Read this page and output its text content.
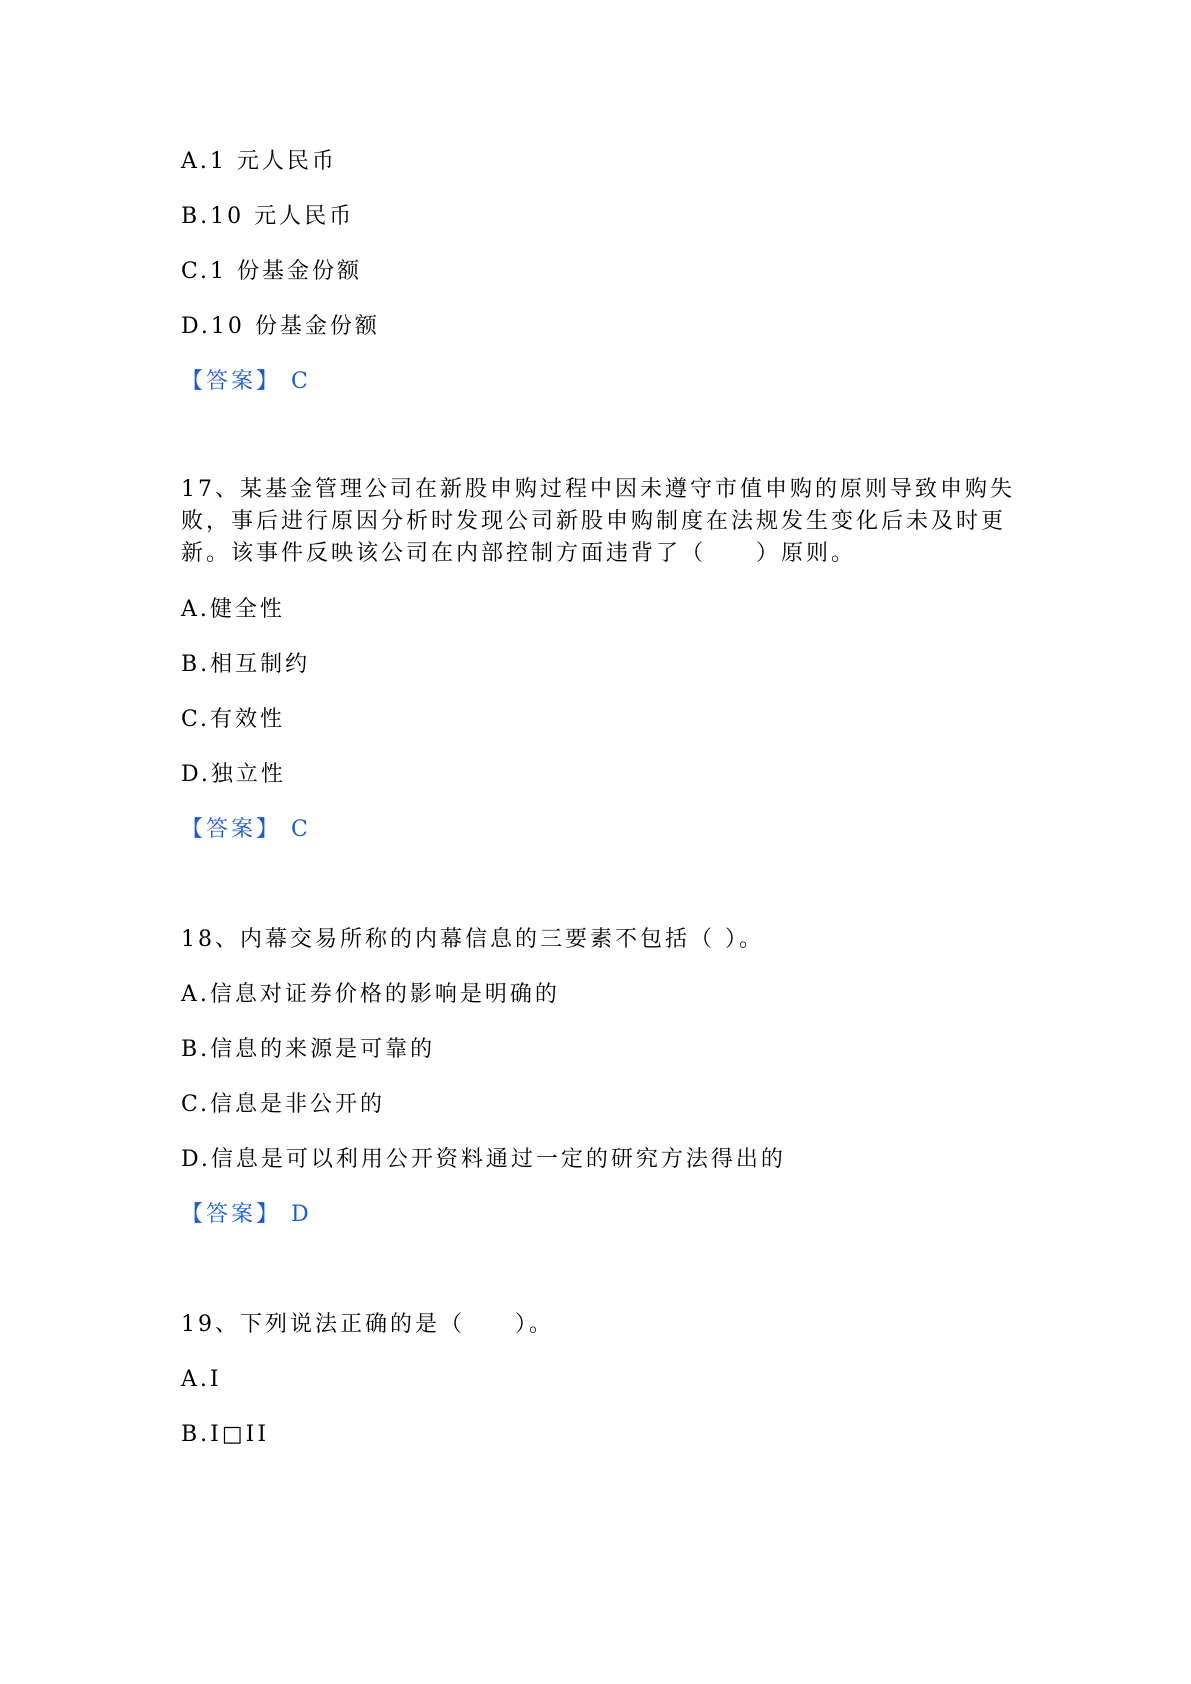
A.1 元人民币
B.10 元人民币
C.1 份基金份额
D.10 份基金份额
【答案】 C
17、某基金管理公司在新股申购过程中因未遵守市值申购的原则导致申购失
败，事后进行原因分析时发现公司新股申购制度在法规发生变化后未及时更
新。该事件反映该公司在内部控制方面违背了（　　）原则。
A.健全性
B.相互制约
C.有效性
D.独立性
【答案】 C
18、内幕交易所称的内幕信息的三要素不包括（ ）。
A.信息对证券价格的影响是明确的
B.信息的来源是可靠的
C.信息是非公开的
D.信息是可以利用公开资料通过一定的研究方法得出的
【答案】 D
19、下列说法正确的是（　　）。
A.I
B.I□II
